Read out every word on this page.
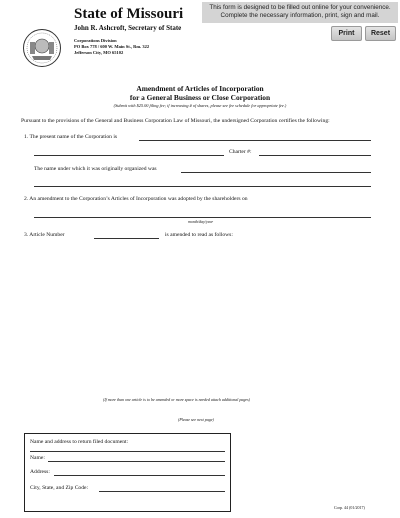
This form is designed to be filled out online for your convenience.
Complete the necessary information, print, sign and mail.
Print	Reset
State of Missouri
John R. Ashcroft, Secretary of State
Corporations Division
PO Box 778 / 600 W. Main St., Rm. 322
Jefferson City, MO 65102
Amendment of Articles of Incorporation
for a General Business or Close Corporation
(Submit with $25.00 filing fee; if increasing # of shares, please see fee schedule for appropriate fee.)
Pursuant to the provisions of the General and Business Corporation Law of Missouri, the undersigned Corporation certifies the following:
1. The present name of the Corporation is
Charter #:
The name under which it was originally organized was
2. An amendment to the Corporation’s Articles of Incorporation was adopted by the shareholders on
month/day/year
3. Article Number	is amended to read as follows:
(If more than one article is to be amended or more space is needed attach additional pages)
(Please see next page)
Name and address to return filed document:
Name:
Address:
City, State, and Zip Code:
Corp. 44 (01/2017)
